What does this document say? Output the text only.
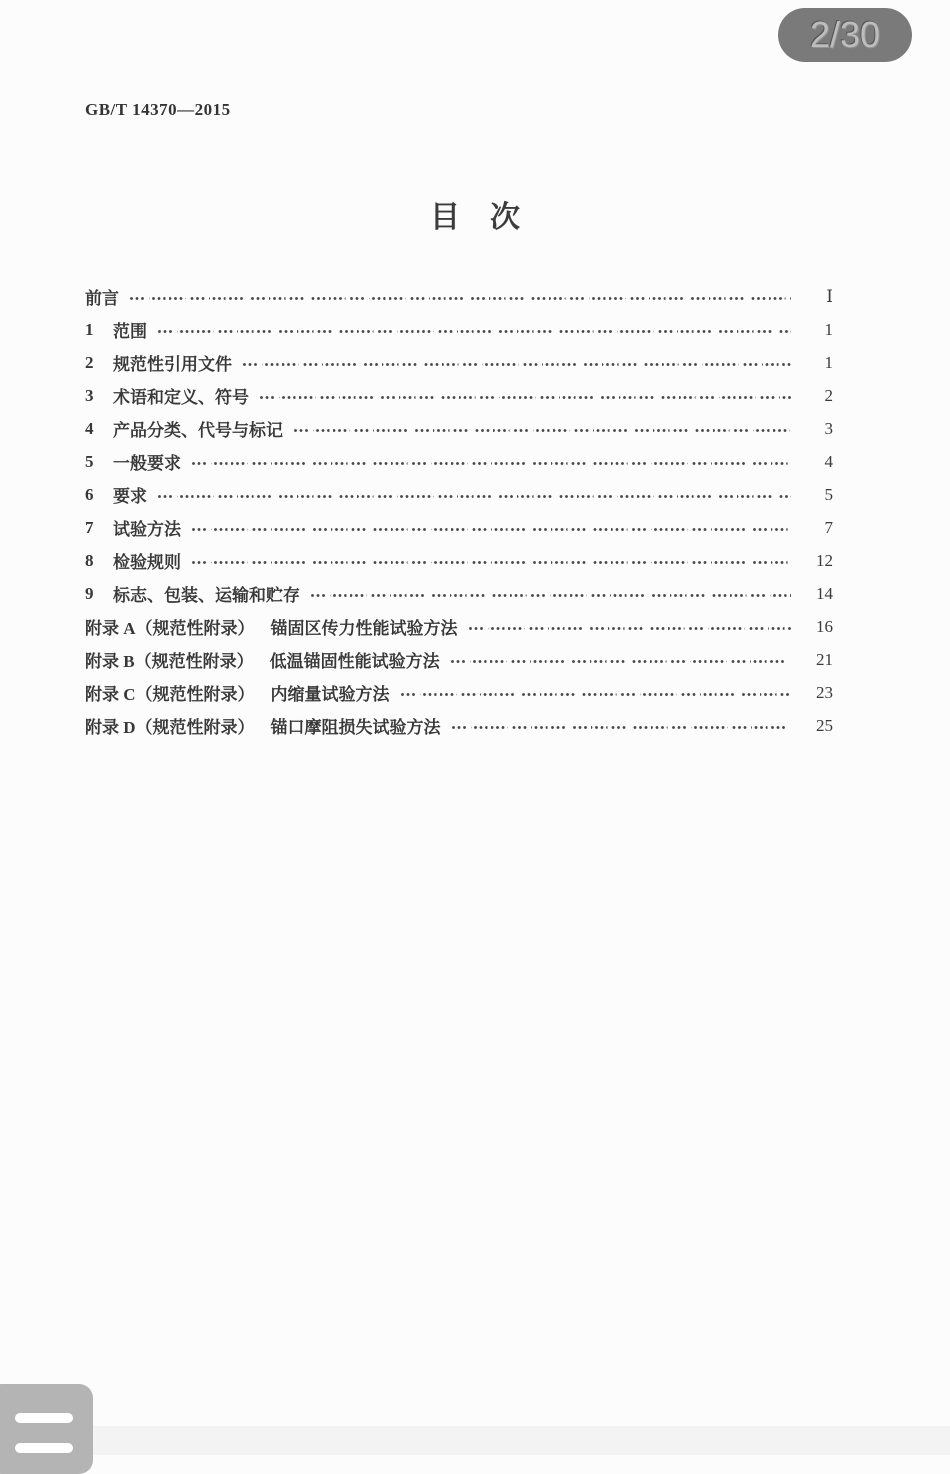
2/30
GB/T 14370—2015
目　次
前言	Ⅰ
1	范围	1
2	规范性引用文件	1
3	术语和定义、符号	2
4	产品分类、代号与标记	3
5	一般要求	4
6	要求	5
7	试验方法	7
8	检验规则	12
9	标志、包装、运输和贮存	14
附录 A（规范性附录） 锚固区传力性能试验方法	16
附录 B（规范性附录） 低温锚固性能试验方法	21
附录 C（规范性附录） 内缩量试验方法	23
附录 D（规范性附录） 锚口摩阻损失试验方法	25
